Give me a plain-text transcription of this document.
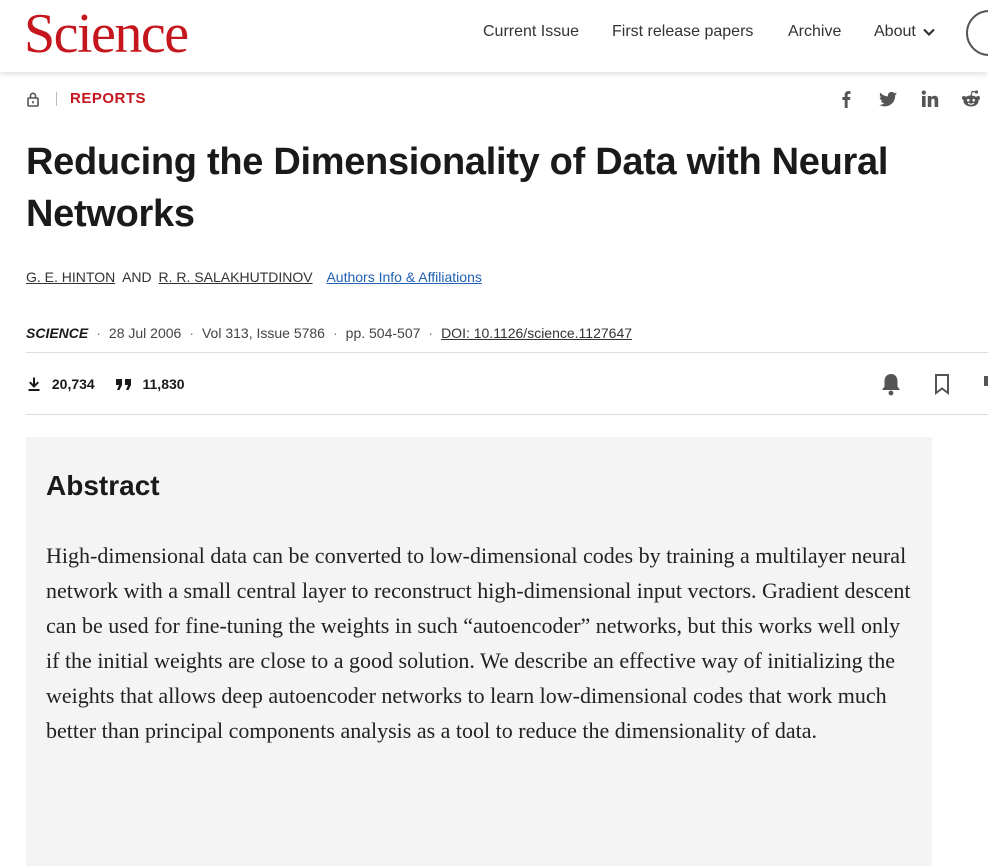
Science	Current Issue First release papers Archive About
REPORTS
Reducing the Dimensionality of Data with Neural Networks
G. E. HINTON AND R. R. SALAKHUTDINOV Authors Info & Affiliations
SCIENCE · 28 Jul 2006 · Vol 313, Issue 5786 · pp. 504-507 · DOI: 10.1126/science.1127647
20,734	11,830
Abstract

High-dimensional data can be converted to low-dimensional codes by training a multilayer neural network with a small central layer to reconstruct high-dimensional input vectors. Gradient descent can be used for fine-tuning the weights in such “autoencoder” networks, but this works well only if the initial weights are close to a good solution. We describe an effective way of initializing the weights that allows deep autoencoder networks to learn low-dimensional codes that work much better than principal components analysis as a tool to reduce the dimensionality of data.
